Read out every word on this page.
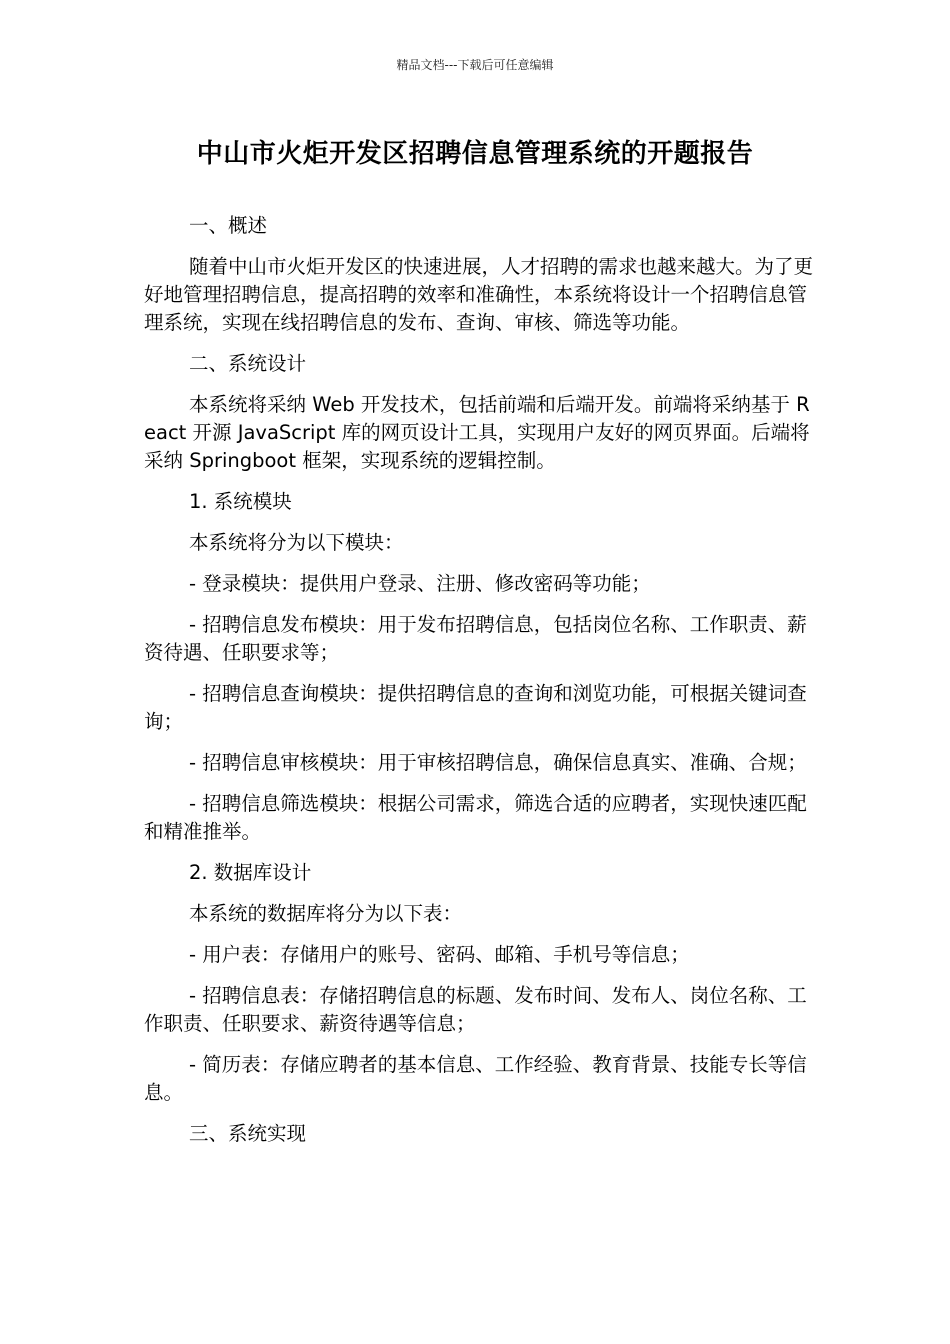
精品文档---下载后可任意编辑
中山市火炬开发区招聘信息管理系统的开题报告

一、概述

随着中山市火炬开发区的快速进展，人才招聘的需求也越来越大。为了更好地管理招聘信息，提高招聘的效率和准确性，本系统将设计一个招聘信息管理系统，实现在线招聘信息的发布、查询、审核、筛选等功能。

二、系统设计

本系统将采纳 Web 开发技术，包括前端和后端开发。前端将采纳基于 React 开源 JavaScript 库的网页设计工具，实现用户友好的网页界面。后端将采纳 Springboot 框架，实现系统的逻辑控制。

1. 系统模块

本系统将分为以下模块：

- 登录模块：提供用户登录、注册、修改密码等功能；

- 招聘信息发布模块：用于发布招聘信息，包括岗位名称、工作职责、薪资待遇、任职要求等；

- 招聘信息查询模块：提供招聘信息的查询和浏览功能，可根据关键词查询；

- 招聘信息审核模块：用于审核招聘信息，确保信息真实、准确、合规；

- 招聘信息筛选模块：根据公司需求，筛选合适的应聘者，实现快速匹配和精准推举。

2. 数据库设计

本系统的数据库将分为以下表：

- 用户表：存储用户的账号、密码、邮箱、手机号等信息；

- 招聘信息表：存储招聘信息的标题、发布时间、发布人、岗位名称、工作职责、任职要求、薪资待遇等信息；

- 简历表：存储应聘者的基本信息、工作经验、教育背景、技能专长等信息。

三、系统实现
